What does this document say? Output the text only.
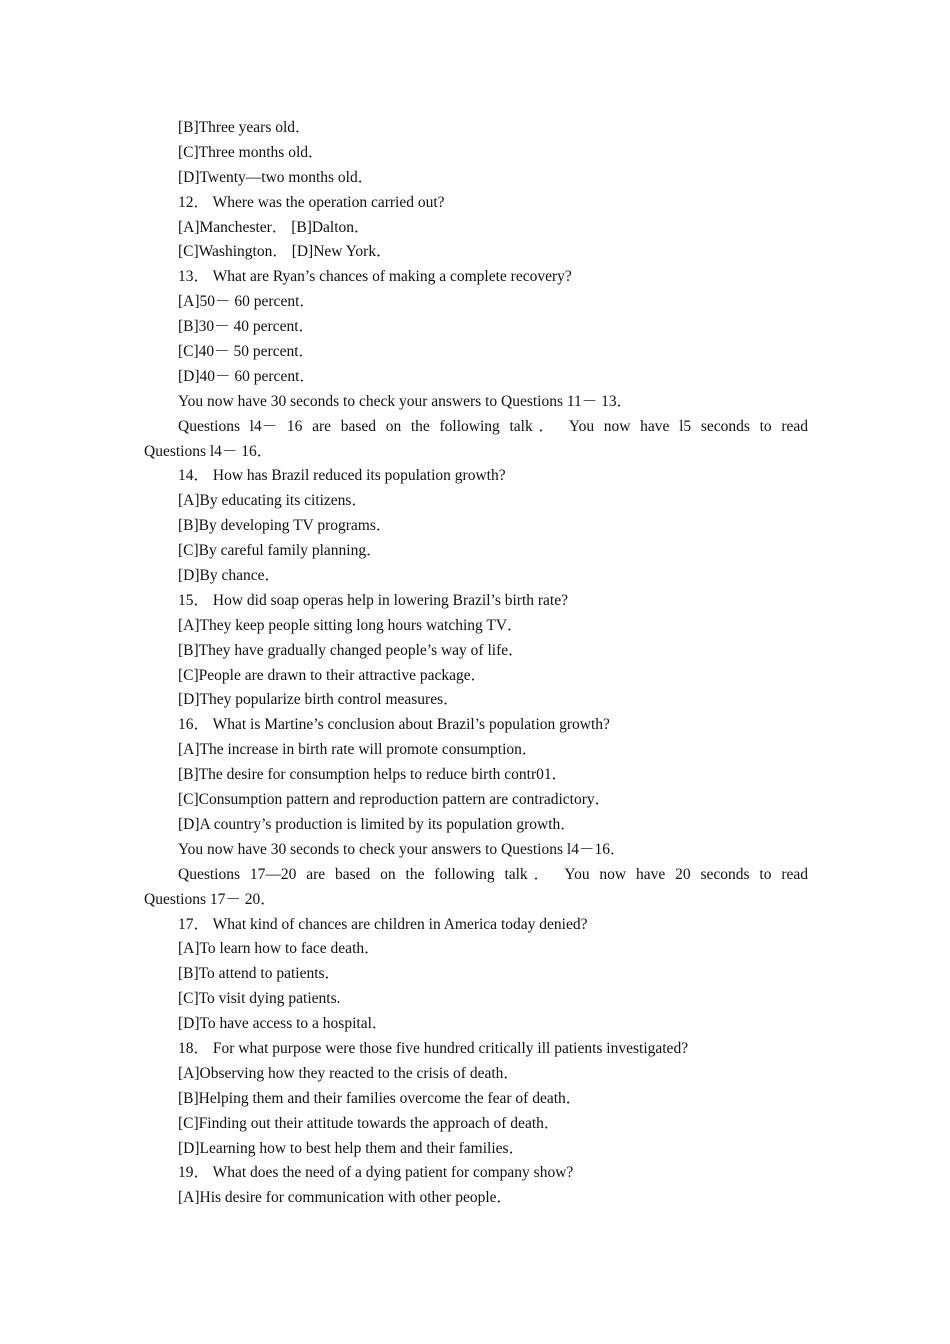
[B]Three years old．
[C]Three months old．
[D]Twenty—two months old．
12． Where was the operation carried out?
[A]Manchester． [B]Dalton．
[C]Washington． [D]New York．
13． What are Ryan’s chances of making a complete recovery?
[A]50－ 60 percent．
[B]30－ 40 percent．
[C]40－ 50 percent．
[D]40－ 60 percent．
You now have 30 seconds to check your answers to Questions 11－ 13．
Questions l4－ 16 are based on the following talk． You now have l5 seconds to read
Questions l4－ 16．
14． How has Brazil reduced its population growth?
[A]By educating its citizens．
[B]By developing TV programs．
[C]By careful family planning．
[D]By chance．
15． How did soap operas help in lowering Brazil’s birth rate?
[A]They keep people sitting long hours watching TV．
[B]They have gradually changed people’s way of life．
[C]People are drawn to their attractive package．
[D]They popularize birth control measures．
16． What is Martine’s conclusion about Brazil’s population growth?
[A]The increase in birth rate will promote consumption．
[B]The desire for consumption helps to reduce birth contr01．
[C]Consumption pattern and reproduction pattern are contradictory．
[D]A country’s production is limited by its population growth．
You now have 30 seconds to check your answers to Questions l4－16．
Questions 17—20 are based on the following talk． You now have 20 seconds to read
Questions 17－ 20．
17． What kind of chances are children in America today denied?
[A]To learn how to face death．
[B]To attend to patients．
[C]To visit dying patients.
[D]To have access to a hospital．
18． For what purpose were those five hundred critically ill patients investigated?
[A]Observing how they reacted to the crisis of death．
[B]Helping them and their families overcome the fear of death．
[C]Finding out their attitude towards the approach of death．
[D]Learning how to best help them and their families．
19． What does the need of a dying patient for company show?
[A]His desire for communication with other people．
